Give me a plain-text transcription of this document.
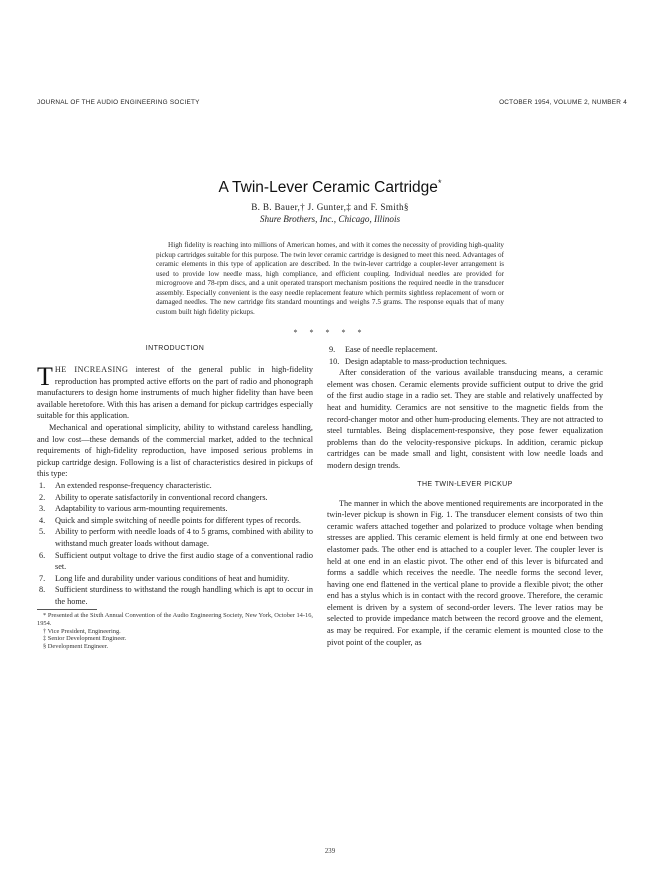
JOURNAL OF THE AUDIO ENGINEERING SOCIETY	OCTOBER 1954, VOLUME 2, NUMBER 4
A Twin-Lever Ceramic Cartridge*
B. B. Bauer,† J. Gunter,‡ and F. Smith§
Shure Brothers, Inc., Chicago, Illinois

High fidelity is reaching into millions of American homes, and with it comes the necessity of providing high-quality pickup cartridges suitable for this purpose. The twin lever ceramic cartridge is designed to meet this need. Advantages of ceramic elements in this type of application are described. In the twin-lever cartridge a coupler-lever arrangement is used to provide low needle mass, high compliance, and efficient coupling. Individual needles are provided for microgroove and 78-rpm discs, and a unit operated transport mechanism positions the required needle in the transducer assembly. Especially convenient is the easy needle replacement feature which permits sightless replacement of worn or damaged needles. The new cartridge fits standard mountings and weighs 7.5 grams. The response equals that of many custom built high fidelity pickups.

* * * * *
INTRODUCTION

THE INCREASING interest of the general public in high-fidelity reproduction has prompted active efforts on the part of radio and phonograph manufacturers to design home instruments of much higher fidelity than have been available heretofore. With this has arisen a demand for pickup cartridges especially suitable for this application.

Mechanical and operational simplicity, ability to withstand careless handling, and low cost—these demands of the commercial market, added to the technical requirements of high-fidelity reproduction, have imposed serious problems in pickup cartridge design. Following is a list of characteristics desired in pickups of this type:

1. An extended response-frequency characteristic.
2. Ability to operate satisfactorily in conventional record changers.
3. Adaptability to various arm-mounting requirements.
4. Quick and simple switching of needle points for different types of records.
5. Ability to perform with needle loads of 4 to 5 grams, combined with ability to withstand much greater loads without damage.
6. Sufficient output voltage to drive the first audio stage of a conventional radio set.
7. Long life and durability under various conditions of heat and humidity.
8. Sufficient sturdiness to withstand the rough handling which is apt to occur in the home.
* Presented at the Sixth Annual Convention of the Audio Engineering Society, New York, October 14-16, 1954.
† Vice President, Engineering.
‡ Senior Development Engineer.
§ Development Engineer.
9. Ease of needle replacement.
10. Design adaptable to mass-production techniques.

After consideration of the various available transducing means, a ceramic element was chosen. Ceramic elements provide sufficient output to drive the grid of the first audio stage in a radio set. They are stable and relatively unaffected by heat and humidity. Ceramics are not sensitive to the magnetic fields from the record-changer motor and other hum-producing elements. They are not attracted to steel turntables. Being displacement-responsive, they pose fewer equalization problems than do the velocity-responsive pickups. In addition, ceramic pickup cartridges can be made small and light, consistent with low needle loads and modern design trends.

THE TWIN-LEVER PICKUP

The manner in which the above mentioned requirements are incorporated in the twin-lever pickup is shown in Fig. 1. The transducer element consists of two thin ceramic wafers attached together and polarized to produce voltage when bending stresses are applied. This ceramic element is held firmly at one end between two elastomer pads. The other end is attached to a coupler lever. The coupler lever is held at one end in an elastic pivot. The other end of this lever is bifurcated and forms a saddle which receives the needle. The needle forms the second lever, having one end flattened in the vertical plane to provide a flexible pivot; the other end has a stylus which is in contact with the record groove. Therefore, the ceramic element is driven by a system of second-order levers. The lever ratios may be selected to provide impedance match between the record groove and the element, as may be required. For example, if the ceramic element is mounted close to the pivot point of the coupler, as

239
